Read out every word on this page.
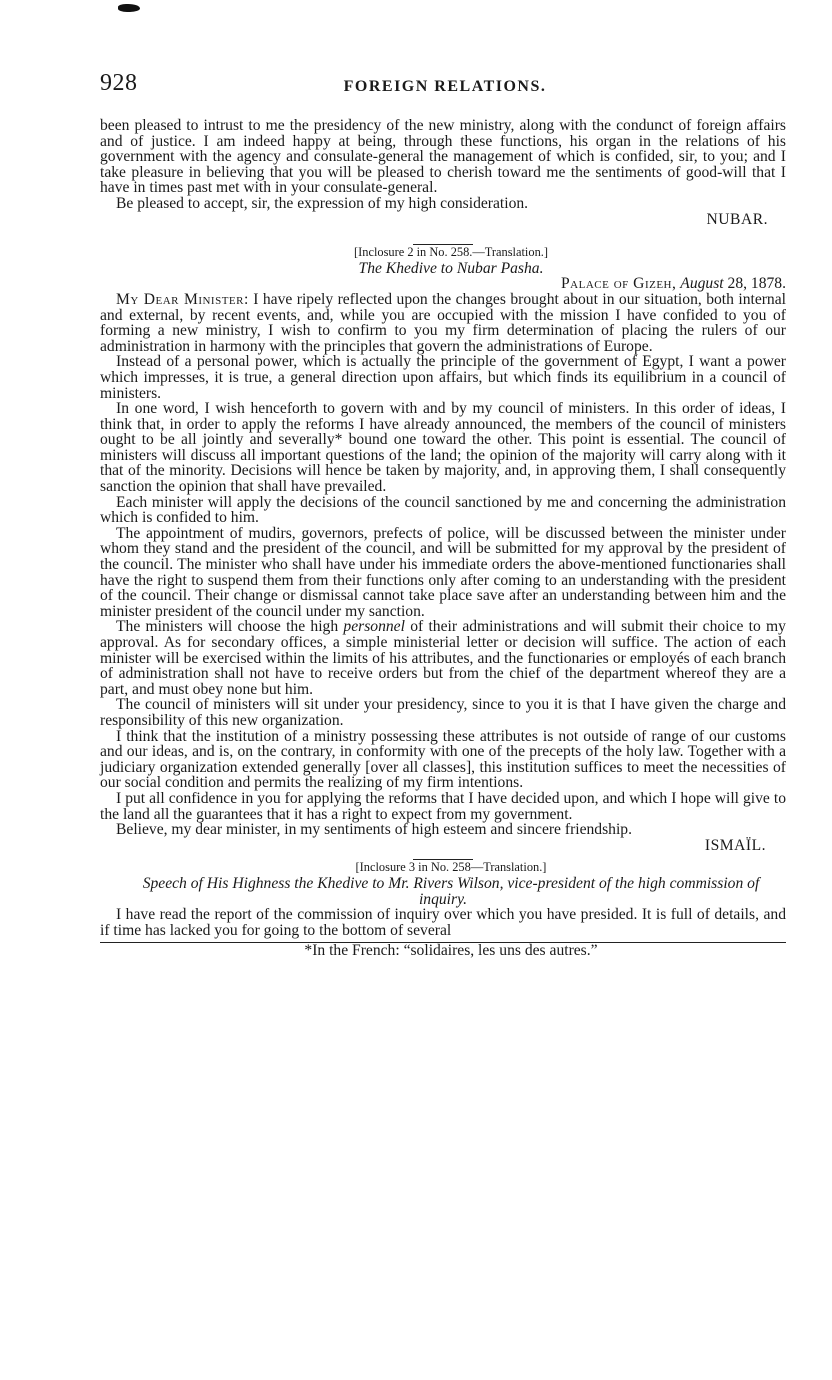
928	FOREIGN RELATIONS.

been pleased to intrust to me the presidency of the new ministry, along with the condunct of foreign affairs and of justice. I am indeed happy at being, through these functions, his organ in the relations of his government with the agency and consulate-general the management of which is confided, sir, to you; and I take pleasure in believing that you will be pleased to cherish toward me the sentiments of good-will that I have in times past met with in your consulate-general.

Be pleased to accept, sir, the expression of my high consideration.

NUBAR.

[Inclosure 2 in No. 258.—Translation.]

The Khedive to Nubar Pasha.

Palace of Gizeh, August 28, 1878.

My Dear Minister: I have ripely reflected upon the changes brought about in our situation, both internal and external, by recent events, and, while you are occupied with the mission I have confided to you of forming a new ministry, I wish to confirm to you my firm determination of placing the rulers of our administration in harmony with the principles that govern the administrations of Europe.

Instead of a personal power, which is actually the principle of the government of Egypt, I want a power which impresses, it is true, a general direction upon affairs, but which finds its equilibrium in a council of ministers.

In one word, I wish henceforth to govern with and by my council of ministers. In this order of ideas, I think that, in order to apply the reforms I have already announced, the members of the council of ministers ought to be all jointly and severally* bound one toward the other. This point is essential. The council of ministers will discuss all important questions of the land; the opinion of the majority will carry along with it that of the minority. Decisions will hence be taken by majority, and, in approving them, I shall consequently sanction the opinion that shall have prevailed.

Each minister will apply the decisions of the council sanctioned by me and concerning the administration which is confided to him.

The appointment of mudirs, governors, prefects of police, will be discussed between the minister under whom they stand and the president of the council, and will be submitted for my approval by the president of the council. The minister who shall have under his immediate orders the above-mentioned functionaries shall have the right to suspend them from their functions only after coming to an understanding with the president of the council. Their change or dismissal cannot take place save after an understanding between him and the minister president of the council under my sanction.

The ministers will choose the high personnel of their administrations and will submit their choice to my approval. As for secondary offices, a simple ministerial letter or decision will suffice. The action of each minister will be exercised within the limits of his attributes, and the functionaries or employés of each branch of administration shall not have to receive orders but from the chief of the department whereof they are a part, and must obey none but him.

The council of ministers will sit under your presidency, since to you it is that I have given the charge and responsibility of this new organization.

I think that the institution of a ministry possessing these attributes is not outside of range of our customs and our ideas, and is, on the contrary, in conformity with one of the precepts of the holy law. Together with a judiciary organization extended generally [over all classes], this institution suffices to meet the necessities of our social condition and permits the realizing of my firm intentions.

I put all confidence in you for applying the reforms that I have decided upon, and which I hope will give to the land all the guarantees that it has a right to expect from my government.

Believe, my dear minister, in my sentiments of high esteem and sincere friendship.

ISMAÏL.

[Inclosure 3 in No. 258—Translation.]

Speech of His Highness the Khedive to Mr. Rivers Wilson, vice-president of the high commission of inquiry.

I have read the report of the commission of inquiry over which you have presided. It is full of details, and if time has lacked you for going to the bottom of several

*In the French: “solidaires, les uns des autres.”
